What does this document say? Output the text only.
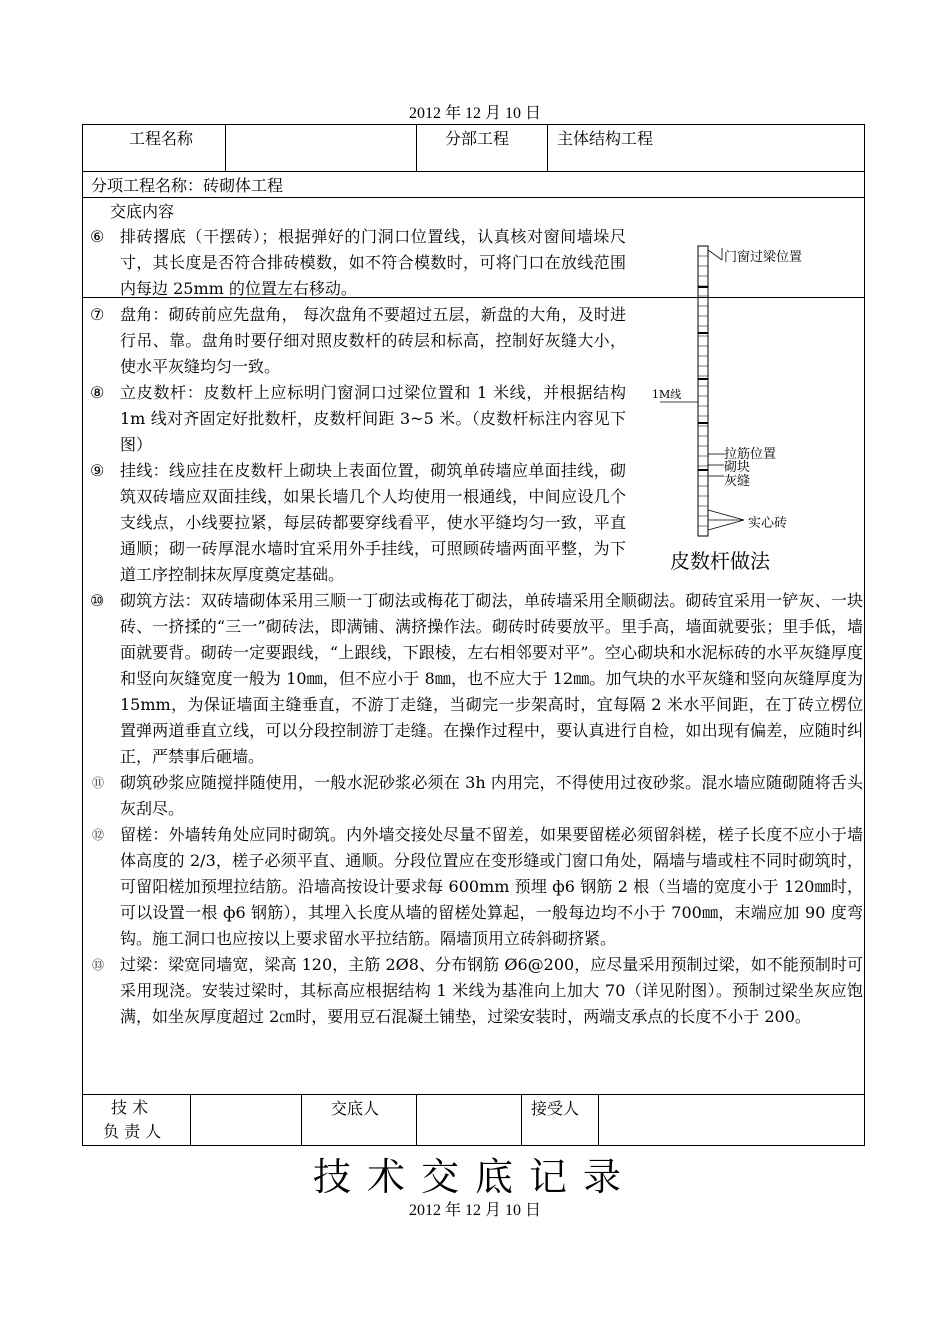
2012 年 12 月 10 日
工程名称	分部工程	主体结构工程
分项工程名称：砖砌体工程
交底内容
⑥ 排砖撂底（干摆砖）；根据弹好的门洞口位置线，认真核对窗间墙垛尺寸，其长度是否符合排砖模数，如不符合模数时，可将门口在放线范围内每边 25mm 的位置左右移动。

⑦ 盘角：砌砖前应先盘角， 每次盘角不要超过五层，新盘的大角，及时进行吊、靠。盘角时要仔细对照皮数杆的砖层和标高，控制好灰缝大小，使水平灰缝均匀一致。

⑧ 立皮数杆：皮数杆上应标明门窗洞口过梁位置和 1 米线，并根据结构 1m 线对齐固定好批数杆，皮数杆间距 3~5 米。（皮数杆标注内容见下图）

⑨ 挂线：线应挂在皮数杆上砌块上表面位置，砌筑单砖墙应单面挂线，砌筑双砖墙应双面挂线，如果长墙几个人均使用一根通线，中间应设几个支线点，小线要拉紧，每层砖都要穿线看平，使水平缝均匀一致，平直通顺；砌一砖厚混水墙时宜采用外手挂线，可照顾砖墙两面平整，为下道工序控制抹灰厚度奠定基础。

⑩ 砌筑方法：双砖墙砌体采用三顺一丁砌法或梅花丁砌法，单砖墙采用全顺砌法。砌砖宜采用一铲灰、一块砖、一挤揉的“三一”砌砖法，即满铺、满挤操作法。砌砖时砖要放平。里手高，墙面就要张；里手低，墙面就要背。砌砖一定要跟线，“上跟线，下跟棱，左右相邻要对平”。空心砌块和水泥标砖的水平灰缝厚度和竖向灰缝宽度一般为 10㎜，但不应小于 8㎜，也不应大于 12㎜。加气块的水平灰缝和竖向灰缝厚度为 15mm，为保证墙面主缝垂直，不游丁走缝，当砌完一步架高时，宜每隔 2 米水平间距，在丁砖立楞位置弹两道垂直立线，可以分段控制游丁走缝。在操作过程中，要认真进行自检，如出现有偏差，应随时纠正，严禁事后砸墙。

⑪ 砌筑砂浆应随搅拌随使用，一般水泥砂浆必须在 3h 内用完，不得使用过夜砂浆。混水墙应随砌随将舌头灰刮尽。

⑫ 留槎：外墙转角处应同时砌筑。内外墙交接处尽量不留差，如果要留槎必须留斜槎，槎子长度不应小于墙体高度的 2/3，槎子必须平直、通顺。分段位置应在变形缝或门窗口角处，隔墙与墙或柱不同时砌筑时，可留阳槎加预埋拉结筋。沿墙高按设计要求每 600mm 预埋 ф6 钢筋 2 根（当墙的宽度小于 120㎜时，可以设置一根 ф6 钢筋），其埋入长度从墙的留槎处算起，一般每边均不小于 700㎜，末端应加 90 度弯钩。施工洞口也应按以上要求留水平拉结筋。隔墙顶用立砖斜砌挤紧。

⑬ 过梁：梁宽同墙宽，梁高 120，主筋 2Ø8、分布钢筋 Ø6@200，应尽量采用预制过梁，如不能预制时可采用现浇。安装过梁时，其标高应根据结构 1 米线为基准向上加大 70（详见附图）。预制过梁坐灰应饱满，如坐灰厚度超过 2㎝时，要用豆石混凝土铺垫，过梁安装时，两端支承点的长度不小于 200。

门窗过梁位置
1M线
拉筋位置
砌块
灰缝
实心砖
皮数杆做法
技 术
负 责 人
交底人	接受人
技术交底记录
2012 年 12 月 10 日
